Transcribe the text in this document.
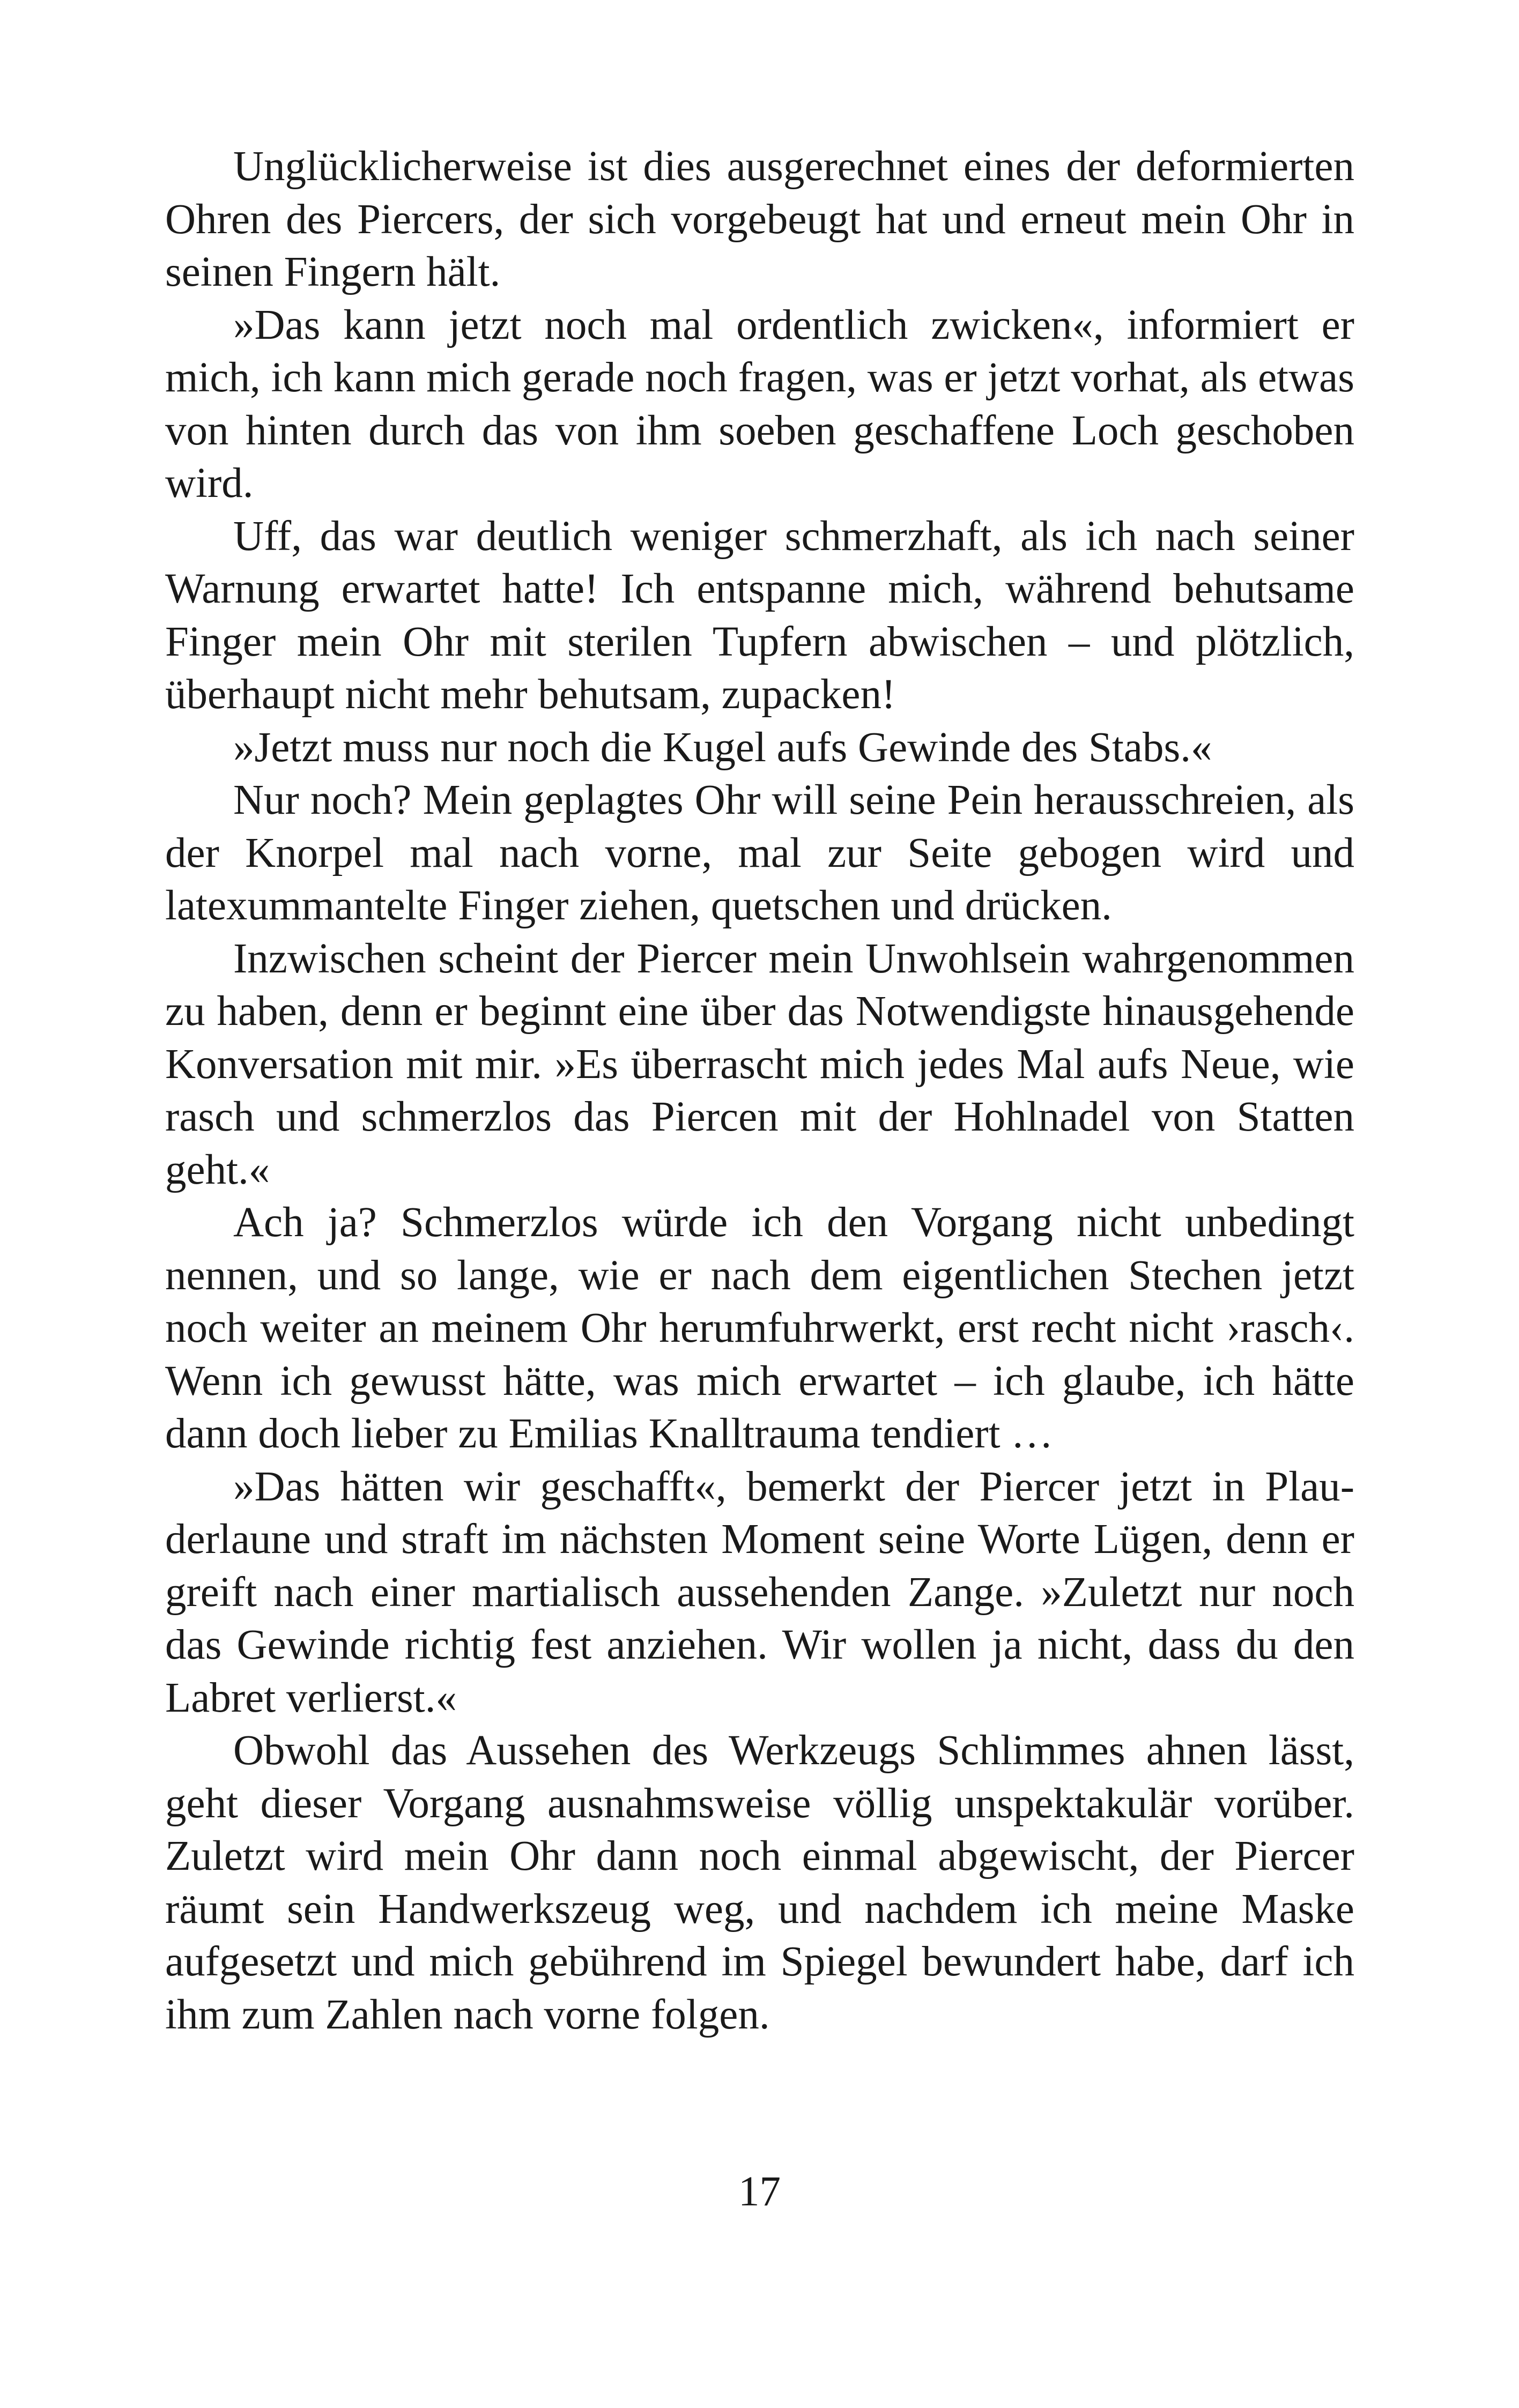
Unglücklicherweise ist dies ausgerechnet eines der deformierten Ohren des Piercers, der sich vorgebeugt hat und erneut mein Ohr in seinen Fingern hält.

»Das kann jetzt noch mal ordentlich zwicken«, informiert er mich, ich kann mich gerade noch fragen, was er jetzt vorhat, als etwas von hinten durch das von ihm soeben geschaffene Loch geschoben wird.

Uff, das war deutlich weniger schmerzhaft, als ich nach seiner Warnung erwartet hatte! Ich entspanne mich, während behutsame Finger mein Ohr mit sterilen Tupfern abwischen – und plötzlich, überhaupt nicht mehr behutsam, zupacken!

»Jetzt muss nur noch die Kugel aufs Gewinde des Stabs.«

Nur noch? Mein geplagtes Ohr will seine Pein herausschreien, als der Knorpel mal nach vorne, mal zur Seite gebogen wird und latexummantelte Finger ziehen, quetschen und drücken.

Inzwischen scheint der Piercer mein Unwohlsein wahrgenommen zu haben, denn er beginnt eine über das Notwendigste hinausgehende Konversation mit mir. »Es überrascht mich jedes Mal aufs Neue, wie rasch und schmerzlos das Piercen mit der Hohlnadel von Statten geht.«

Ach ja? Schmerzlos würde ich den Vorgang nicht unbedingt nennen, und so lange, wie er nach dem eigentlichen Stechen jetzt noch weiter an meinem Ohr herumfuhrwerkt, erst recht nicht ›rasch‹. Wenn ich gewusst hätte, was mich erwartet – ich glaube, ich hätte dann doch lieber zu Emilias Knalltrauma tendiert …

»Das hätten wir geschafft«, bemerkt der Piercer jetzt in Plauderlaune und straft im nächsten Moment seine Worte Lügen, denn er greift nach einer martialisch aussehenden Zange. »Zuletzt nur noch das Gewinde richtig fest anziehen. Wir wollen ja nicht, dass du den Labret verlierst.«

Obwohl das Aussehen des Werkzeugs Schlimmes ahnen lässt, geht dieser Vorgang ausnahmsweise völlig unspektakulär vorüber. Zuletzt wird mein Ohr dann noch einmal abgewischt, der Piercer räumt sein Handwerkszeug weg, und nachdem ich meine Maske aufgesetzt und mich gebührend im Spiegel bewundert habe, darf ich ihm zum Zahlen nach vorne folgen.

17
